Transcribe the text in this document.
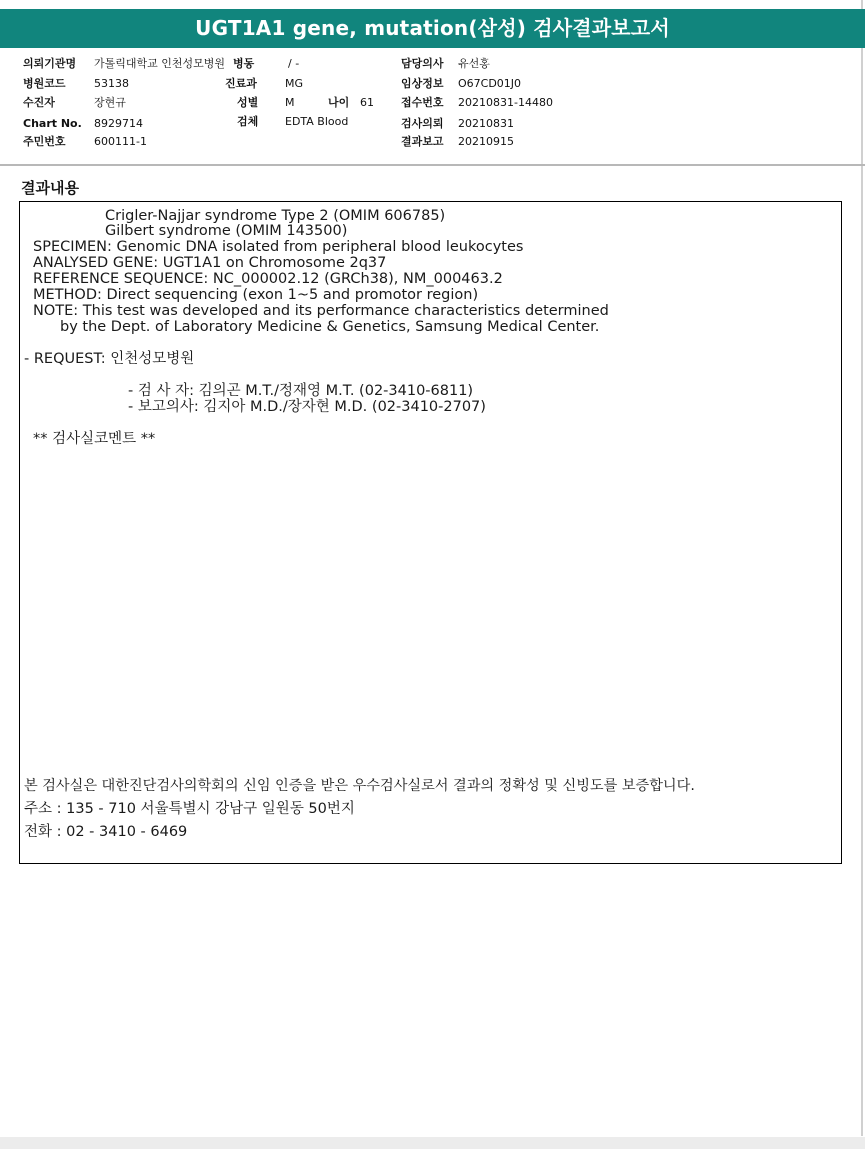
UGT1A1 gene, mutation(삼성) 검사결과보고서
의뢰기관명 가톨릭대학교 인천성모병원
병원코드	53138
수진자	장현규
Chart No. 8929714
주민번호	600111-1
병동	/ -
진료과	MG
성별 M	나이 61
검체 EDTA Blood
담당의사 유선홍
임상정보 O67CD01J0
접수번호 20210831-14480
검사의뢰 20210831
결과보고 20210915
결과내용
Crigler-Najjar syndrome Type 2 (OMIM 606785)
Gilbert syndrome (OMIM 143500)
SPECIMEN: Genomic DNA isolated from peripheral blood leukocytes
ANALYSED GENE: UGT1A1 on Chromosome 2q37
REFERENCE SEQUENCE: NC_000002.12 (GRCh38), NM_000463.2
METHOD: Direct sequencing (exon 1~5 and promotor region)
NOTE: This test was developed and its performance characteristics determined
by the Dept. of Laboratory Medicine & Genetics, Samsung Medical Center.
- REQUEST: 인천성모병원
- 검 사 자: 김의곤 M.T./정재영 M.T. (02-3410-6811)
- 보고의사: 김지아 M.D./장자현 M.D. (02-3410-2707)
** 검사실코멘트 **
본 검사실은 대한진단검사의학회의 신임 인증을 받은 우수검사실로서 결과의 정확성 및 신빙도를 보증합니다.
주소 : 135 - 710 서울특별시 강남구 일원동 50번지
전화 : 02 - 3410 - 6469
